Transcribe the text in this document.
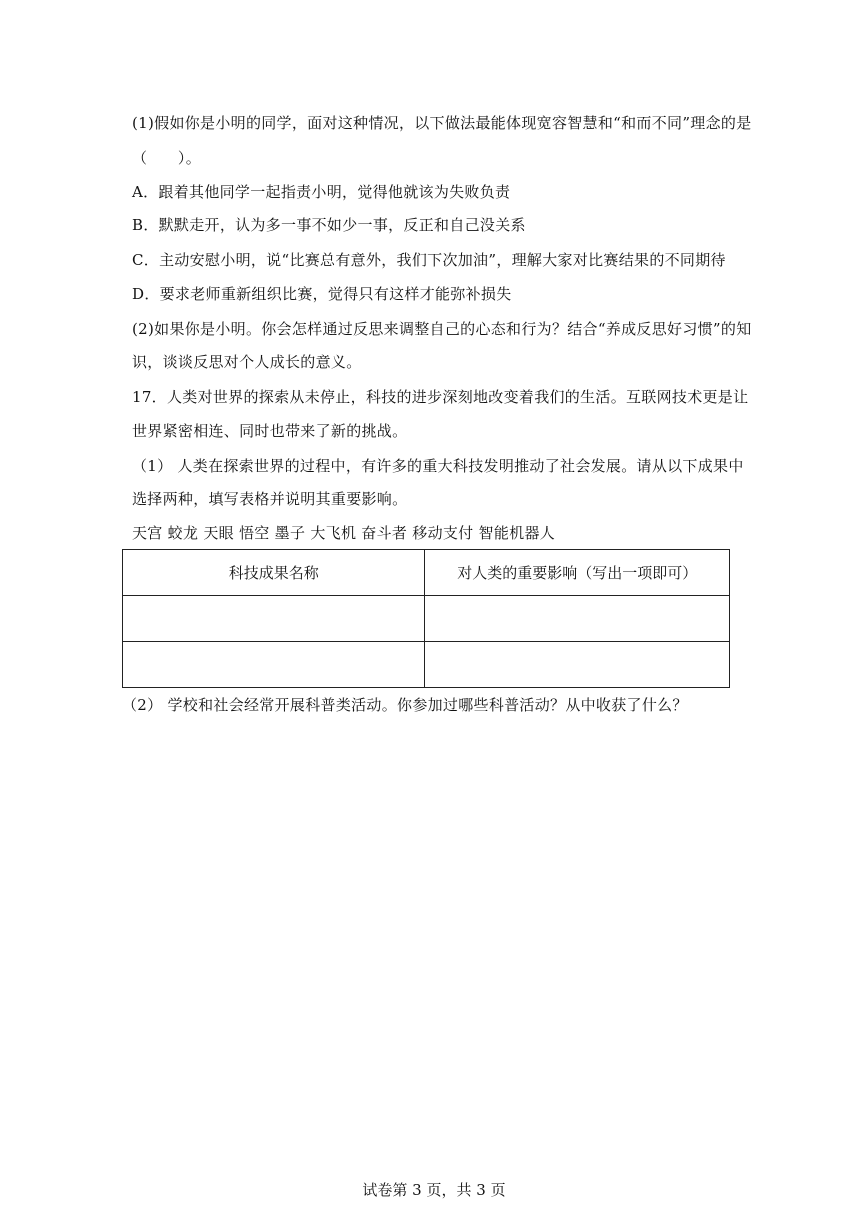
(1)假如你是小明的同学，面对这种情况，以下做法最能体现宽容智慧和“和而不同”理念的是
（　　）。
A．跟着其他同学一起指责小明，觉得他就该为失败负责
B．默默走开，认为多一事不如少一事，反正和自己没关系
C．主动安慰小明，说“比赛总有意外，我们下次加油”，理解大家对比赛结果的不同期待
D．要求老师重新组织比赛，觉得只有这样才能弥补损失
(2)如果你是小明。你会怎样通过反思来调整自己的心态和行为？结合“养成反思好习惯”的知
识，谈谈反思对个人成长的意义。
17．人类对世界的探索从未停止，科技的进步深刻地改变着我们的生活。互联网技术更是让
世界紧密相连、同时也带来了新的挑战。
（1） 人类在探索世界的过程中，有许多的重大科技发明推动了社会发展。请从以下成果中
选择两种，填写表格并说明其重要影响。
天宫 蛟龙 天眼 悟空 墨子 大飞机 奋斗者 移动支付 智能机器人
科技成果名称	对人类的重要影响（写出一项即可）

（2） 学校和社会经常开展科普类活动。你参加过哪些科普活动？从中收获了什么？
试卷第 3 页，共 3 页
